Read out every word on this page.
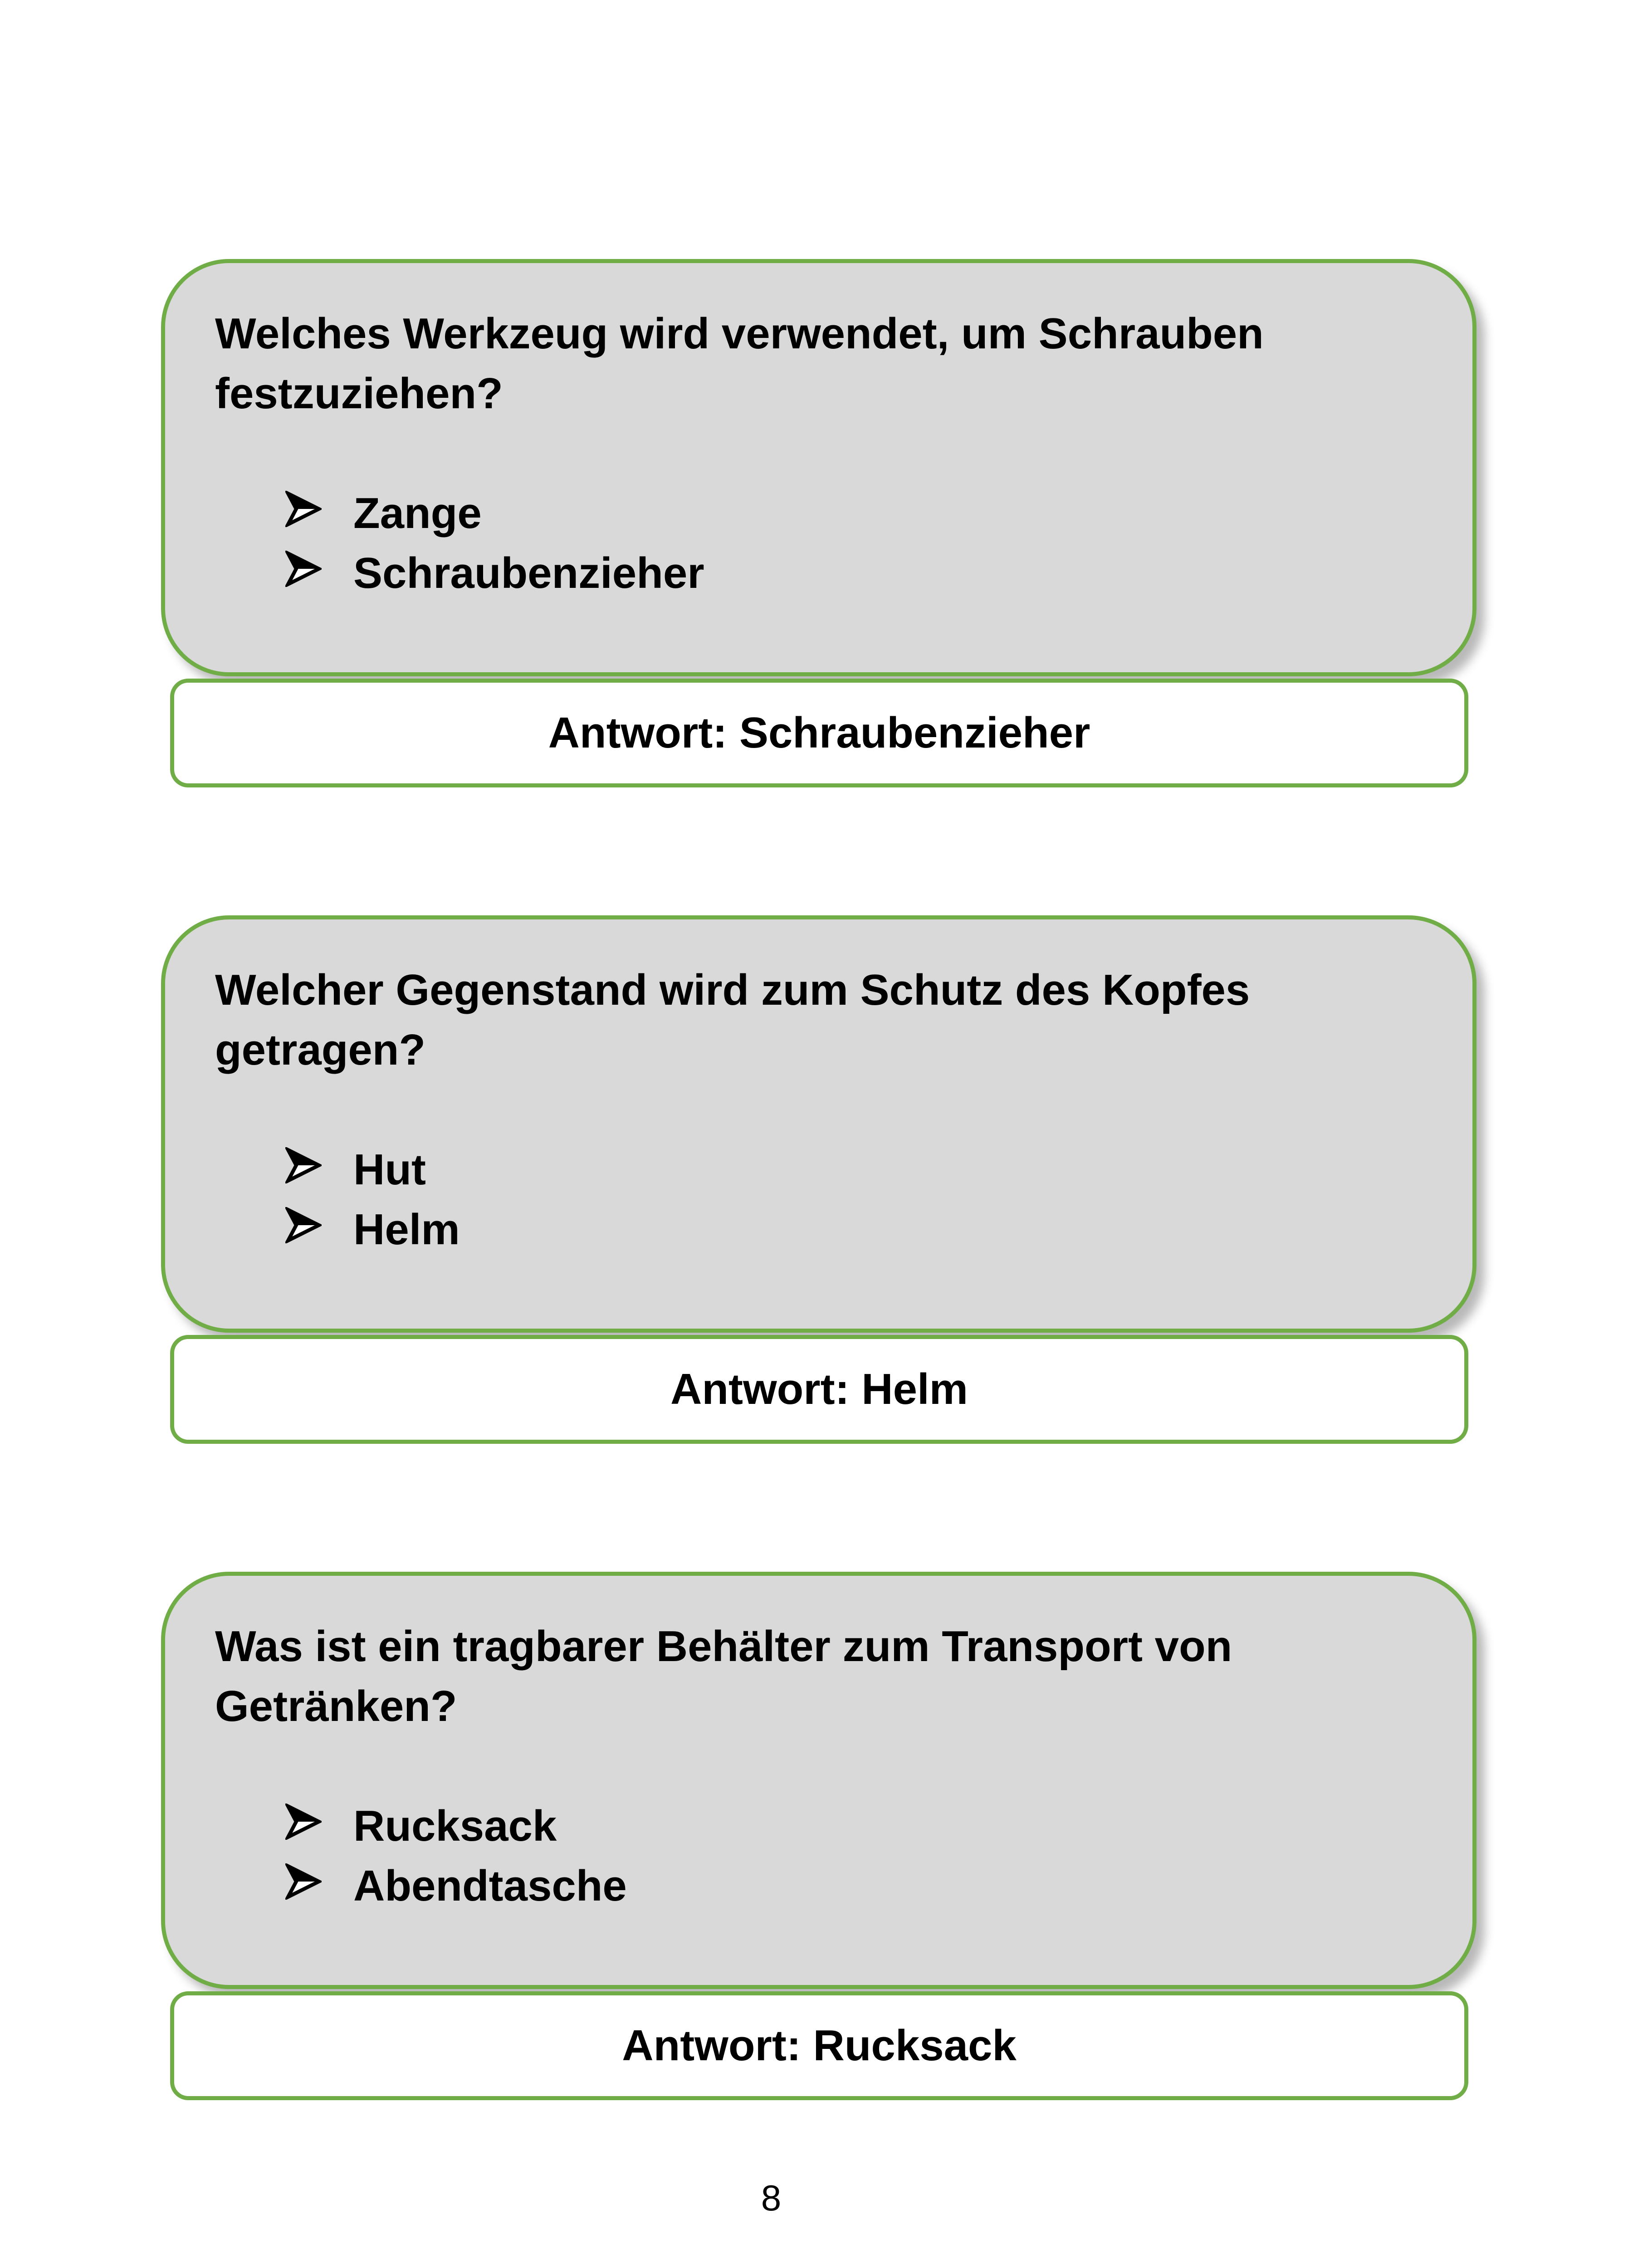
Welches Werkzeug wird verwendet, um Schrauben festzuziehen?
Zange
Schraubenzieher
Antwort: Schraubenzieher
Welcher Gegenstand wird zum Schutz des Kopfes getragen?
Hut
Helm
Antwort: Helm
Was ist ein tragbarer Behälter zum Transport von Getränken?
Rucksack
Abendtasche
Antwort: Rucksack
8
